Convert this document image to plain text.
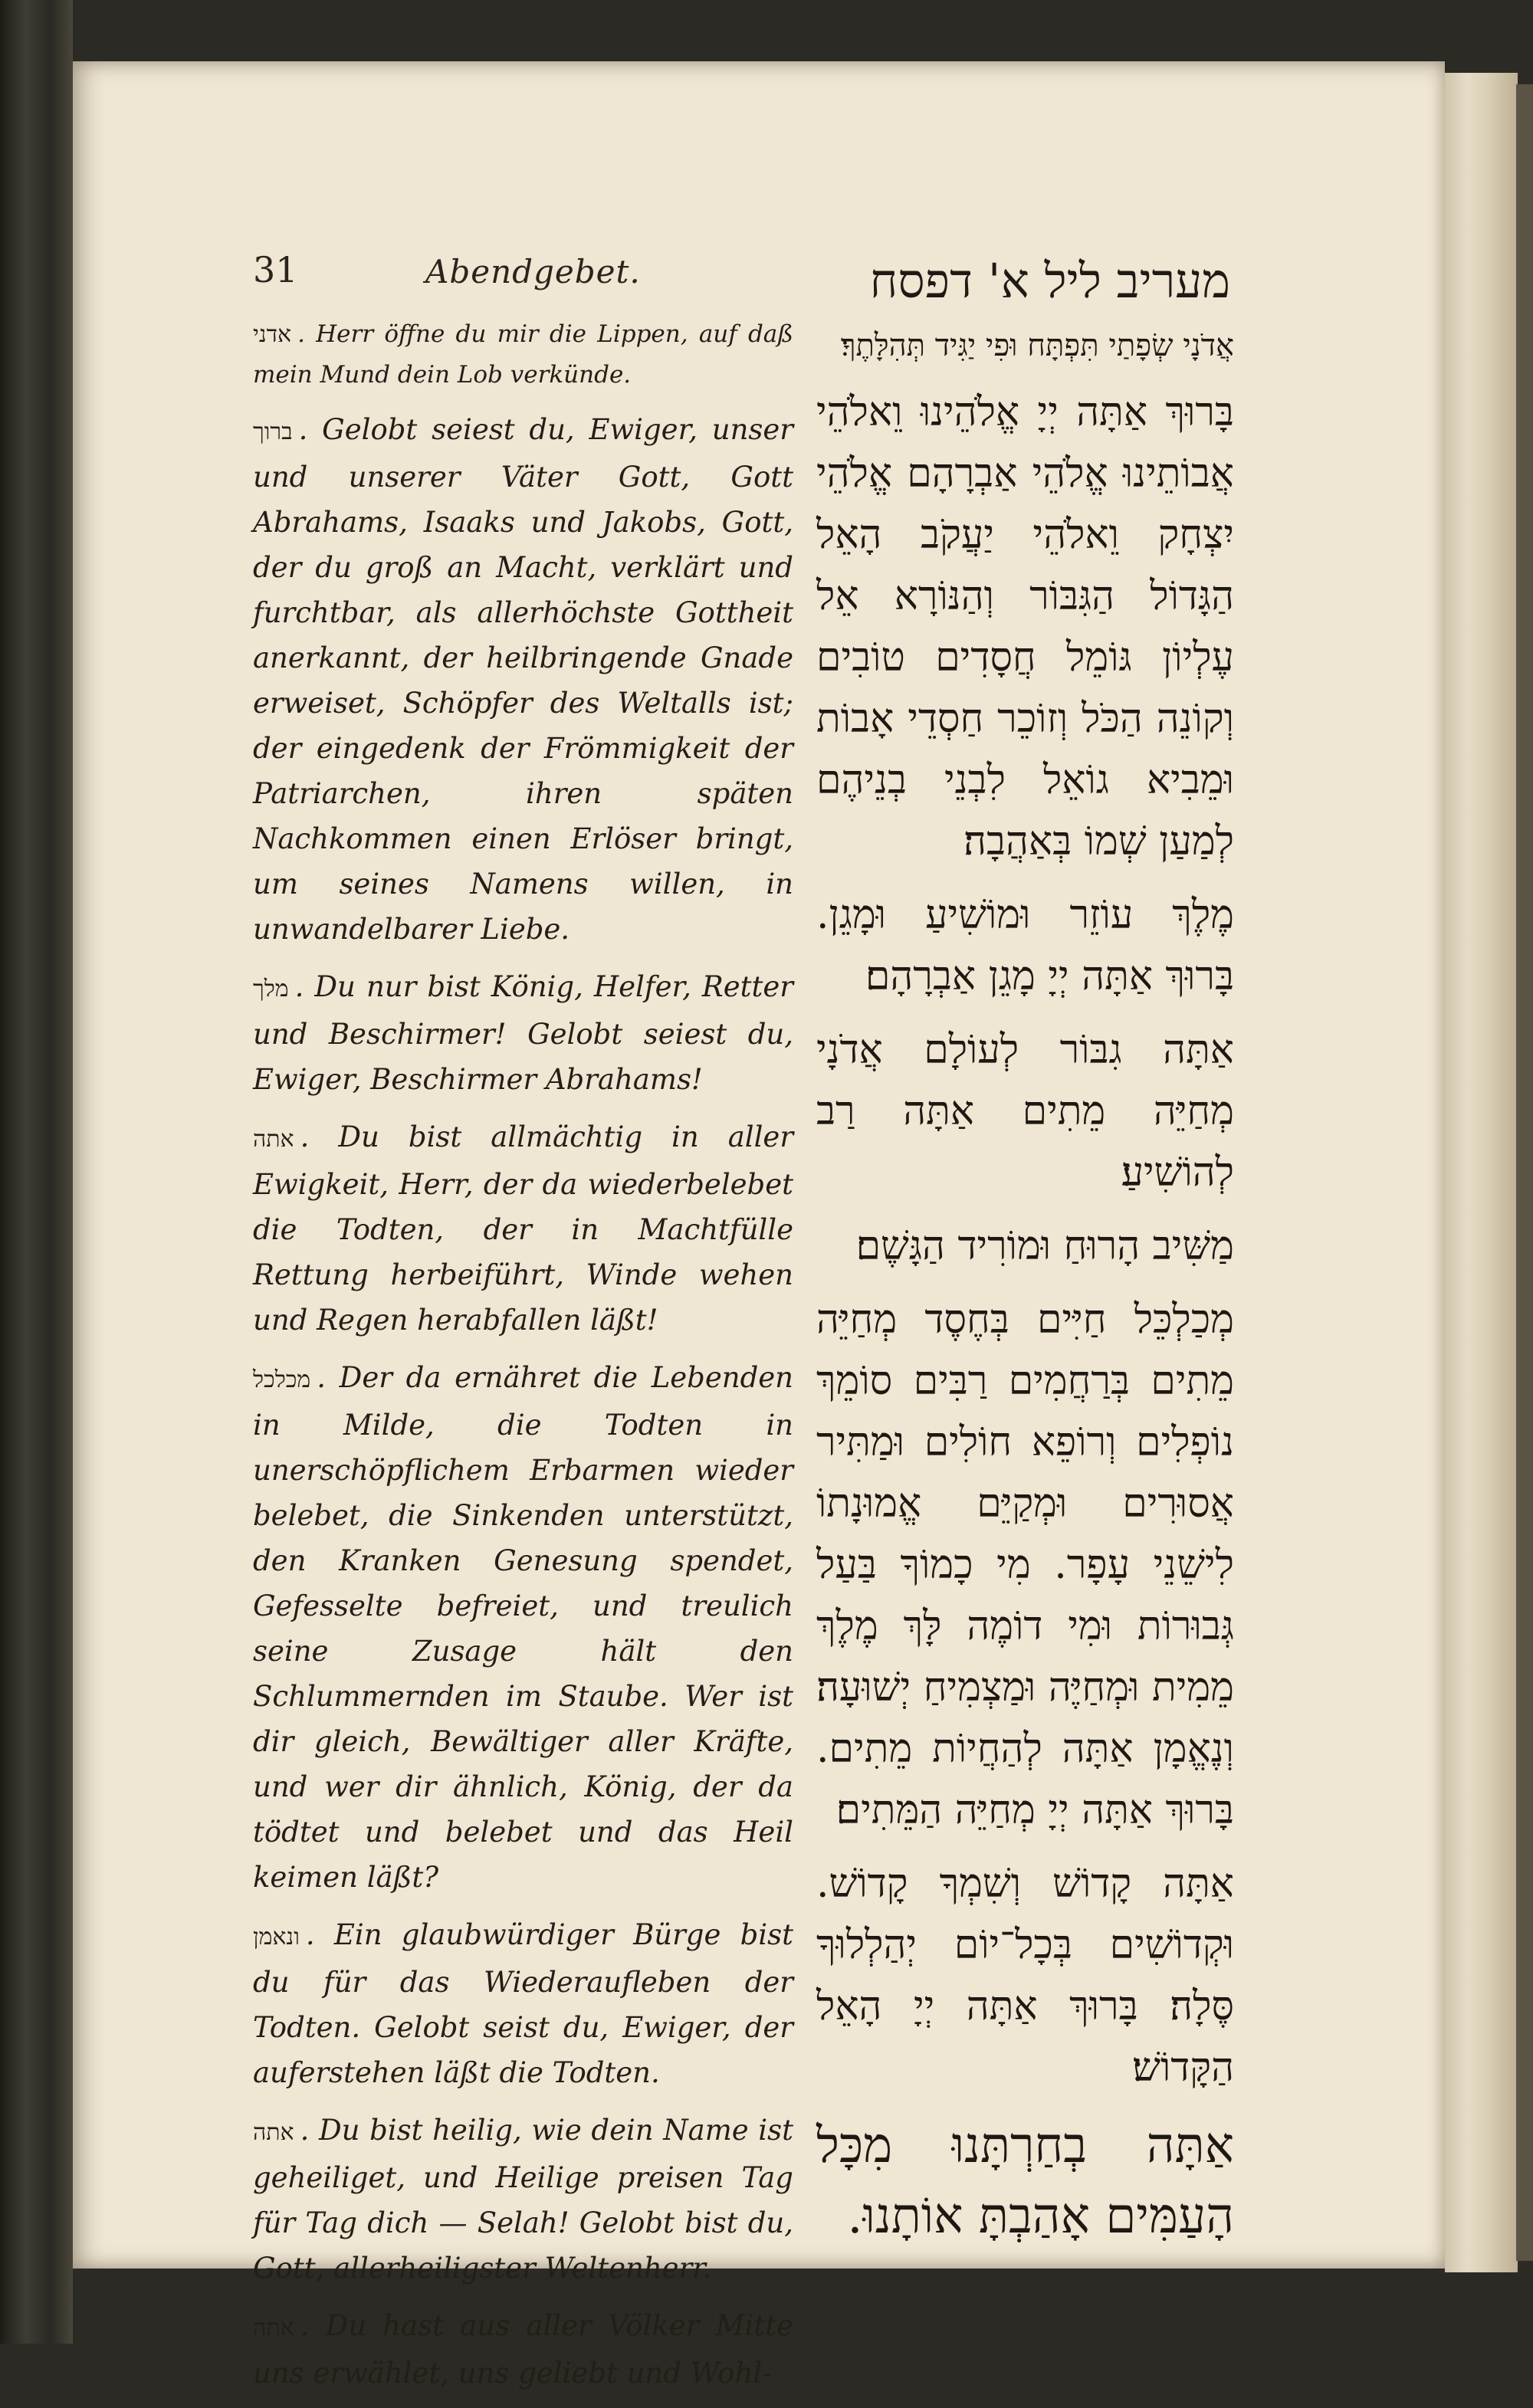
31	Abendgebet.	מעריב ליל א' דפסח

אדני . Herr öffne du mir die Lippen, auf daß mein Mund dein Lob verkünde.

ברוך . Gelobt seiest du, Ewiger, unser und unserer Väter Gott, Gott Abrahams, Isaaks und Jakobs, Gott, der du groß an Macht, verklärt und furchtbar, als allerhöchste Gottheit anerkannt, der heilbringende Gnade erweiset, Schöpfer des Weltalls ist; der eingedenk der Frömmigkeit der Patriarchen, ihren späten Nachkommen einen Erlöser bringt, um seines Namens willen, in unwandelbarer Liebe.

מלך . Du nur bist König, Helfer, Retter und Beschirmer! Gelobt seiest du, Ewiger, Beschirmer Abrahams!

אתה . Du bist allmächtig in aller Ewigkeit, Herr, der da wiederbelebet die Todten, der in Machtfülle Rettung herbeiführt, Winde wehen und Regen herabfallen läßt!

מכלכל . Der da ernähret die Lebenden in Milde, die Todten in unerschöpflichem Erbarmen wieder belebet, die Sinkenden unterstützt, den Kranken Genesung spendet, Gefesselte befreiet, und treulich seine Zusage hält den Schlummernden im Staube. Wer ist dir gleich, Bewältiger aller Kräfte, und wer dir ähnlich, König, der da tödtet und belebet und das Heil keimen läßt?

ונאמן . Ein glaubwürdiger Bürge bist du für das Wiederaufleben der Todten. Gelobt seist du, Ewiger, der auferstehen läßt die Todten.

אתה . Du bist heilig, wie dein Name ist geheiliget, und Heilige preisen Tag für Tag dich — Selah! Gelobt bist du, Gott, allerheiligster Weltenherr.

אתה . Du hast aus aller Völker Mitte uns erwählet, uns geliebt und Wohl-

אֲדֹנָי שְׂפָתַי תִּפְתָּח וּפִי יַגִּיד תְּהִלָּתֶךָ׃

בָּרוּךְ אַתָּה יְיָ אֱלֹהֵינוּ וֵאלֹהֵי אֲבוֹתֵינוּ אֱלֹהֵי אַבְרָהָם אֱלֹהֵי יִצְחָק וֵאלֹהֵי יַעֲקֹב הָאֵל הַגָּדוֹל הַגִּבּוֹר וְהַנּוֹרָא אֵל עֶלְיוֹן גּוֹמֵל חֲסָדִים טוֹבִים וְקוֹנֵה הַכֹּל וְזוֹכֵר חַסְדֵי אָבוֹת וּמֵבִיא גוֹאֵל לִבְנֵי בְנֵיהֶם לְמַעַן שְׁמוֹ בְּאַהֲבָה׃

מֶלֶךְ עוֹזֵר וּמוֹשִׁיעַ וּמָגֵן. בָּרוּךְ אַתָּה יְיָ מָגֵן אַבְרָהָם׃

אַתָּה גִבּוֹר לְעוֹלָם אֲדֹנָי מְחַיֵּה מֵתִים אַתָּה רַב לְהוֹשִׁיעַ׃

מַשִּׁיב הָרוּחַ וּמוֹרִיד הַגָּשֶׁם׃

מְכַלְכֵּל חַיִּים בְּחֶסֶד מְחַיֵּה מֵתִים בְּרַחֲמִים רַבִּים סוֹמֵךְ נוֹפְלִים וְרוֹפֵא חוֹלִים וּמַתִּיר אֲסוּרִים וּמְקַיֵּם אֱמוּנָתוֹ לִישֵׁנֵי עָפָר. מִי כָמוֹךָ בַּעַל גְּבוּרוֹת וּמִי דוֹמֶה לָּךְ מֶלֶךְ מֵמִית וּמְחַיֶּה וּמַצְמִיחַ יְשׁוּעָה׃ וְנֶאֱמָן אַתָּה לְהַחֲיוֹת מֵתִים. בָּרוּךְ אַתָּה יְיָ מְחַיֵּה הַמֵּתִים׃

אַתָּה קָדוֹשׁ וְשִׁמְךָ קָדוֹשׁ. וּקְדוֹשִׁים בְּכָל־יוֹם יְהַלְלוּךָ סֶּלָה׃ בָּרוּךְ אַתָּה יְיָ הָאֵל הַקָּדוֹשׁ׃

אַתָּה בְחַרְתָּנוּ מִכָּל הָעַמִּים אָהַבְתָּ אוֹתָנוּ.
